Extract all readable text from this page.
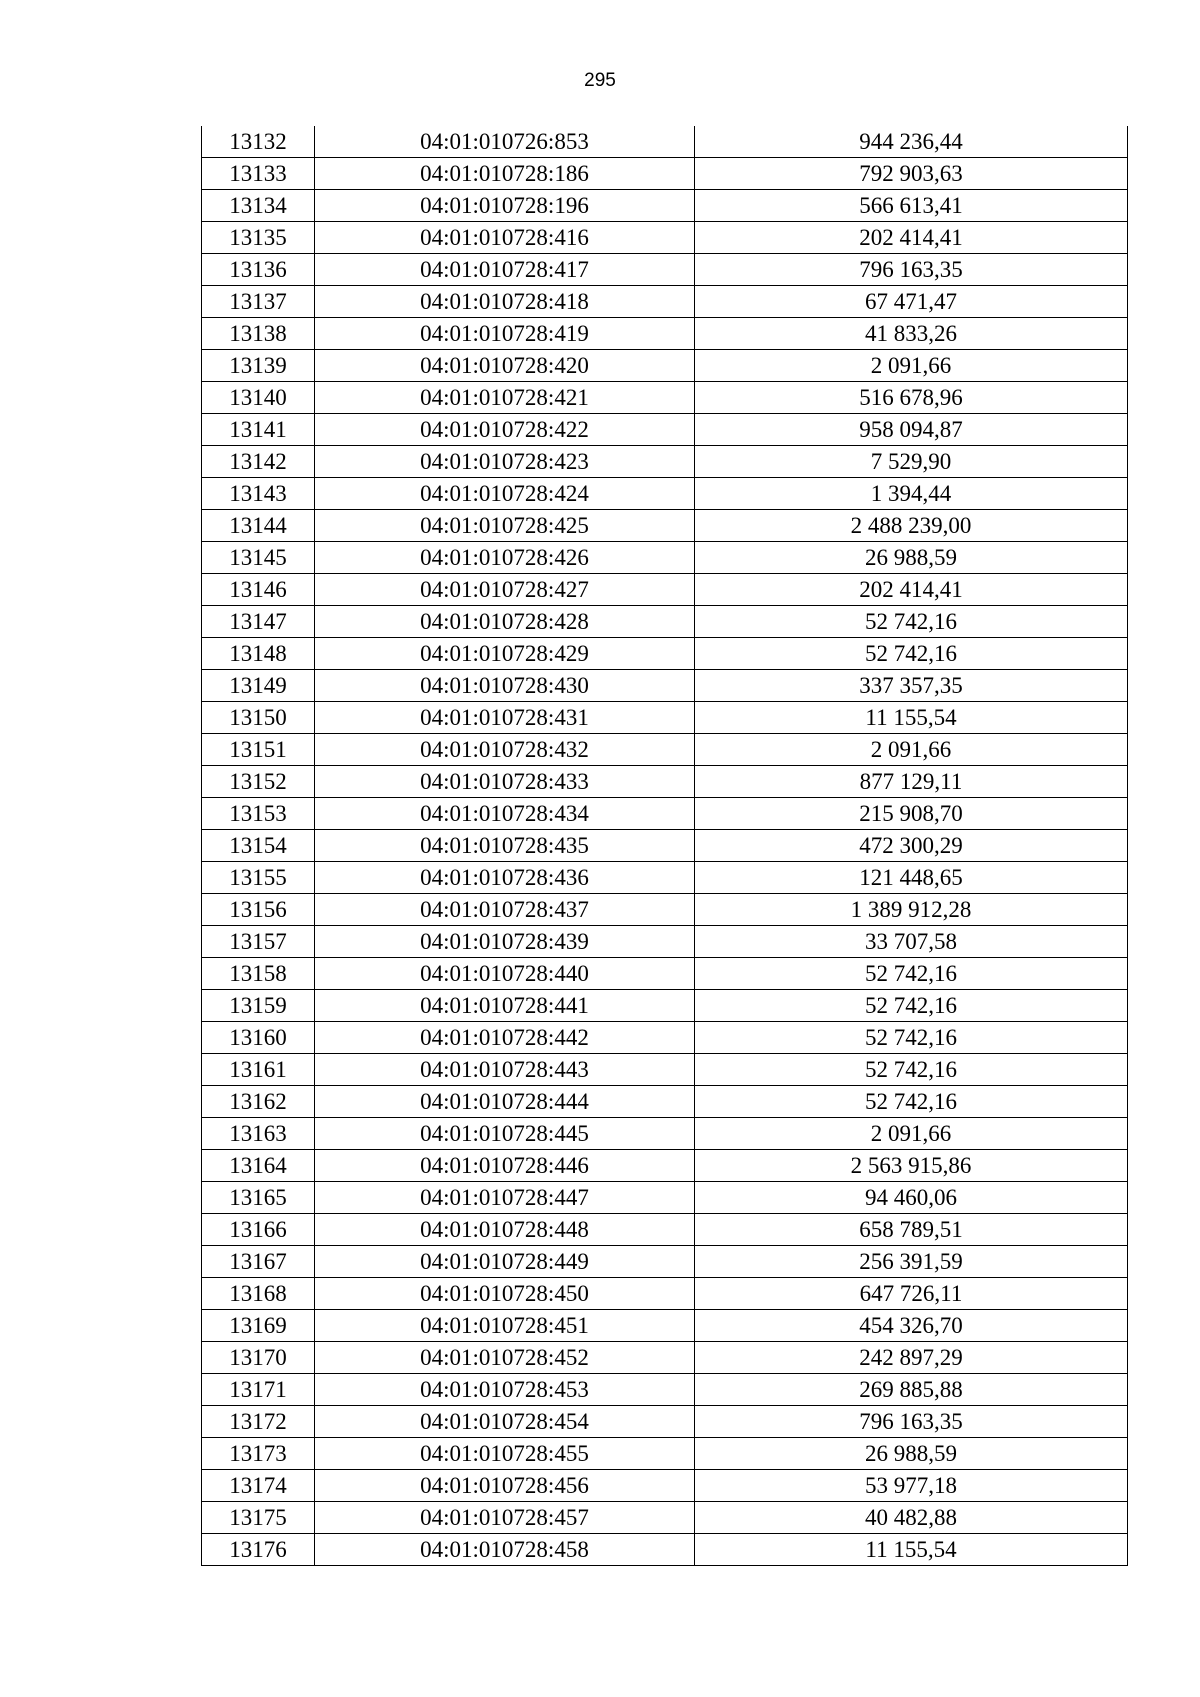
295
13132	04:01:010726:853	944 236,44
13133	04:01:010728:186	792 903,63
13134	04:01:010728:196	566 613,41
13135	04:01:010728:416	202 414,41
13136	04:01:010728:417	796 163,35
13137	04:01:010728:418	67 471,47
13138	04:01:010728:419	41 833,26
13139	04:01:010728:420	2 091,66
13140	04:01:010728:421	516 678,96
13141	04:01:010728:422	958 094,87
13142	04:01:010728:423	7 529,90
13143	04:01:010728:424	1 394,44
13144	04:01:010728:425	2 488 239,00
13145	04:01:010728:426	26 988,59
13146	04:01:010728:427	202 414,41
13147	04:01:010728:428	52 742,16
13148	04:01:010728:429	52 742,16
13149	04:01:010728:430	337 357,35
13150	04:01:010728:431	11 155,54
13151	04:01:010728:432	2 091,66
13152	04:01:010728:433	877 129,11
13153	04:01:010728:434	215 908,70
13154	04:01:010728:435	472 300,29
13155	04:01:010728:436	121 448,65
13156	04:01:010728:437	1 389 912,28
13157	04:01:010728:439	33 707,58
13158	04:01:010728:440	52 742,16
13159	04:01:010728:441	52 742,16
13160	04:01:010728:442	52 742,16
13161	04:01:010728:443	52 742,16
13162	04:01:010728:444	52 742,16
13163	04:01:010728:445	2 091,66
13164	04:01:010728:446	2 563 915,86
13165	04:01:010728:447	94 460,06
13166	04:01:010728:448	658 789,51
13167	04:01:010728:449	256 391,59
13168	04:01:010728:450	647 726,11
13169	04:01:010728:451	454 326,70
13170	04:01:010728:452	242 897,29
13171	04:01:010728:453	269 885,88
13172	04:01:010728:454	796 163,35
13173	04:01:010728:455	26 988,59
13174	04:01:010728:456	53 977,18
13175	04:01:010728:457	40 482,88
13176	04:01:010728:458	11 155,54
